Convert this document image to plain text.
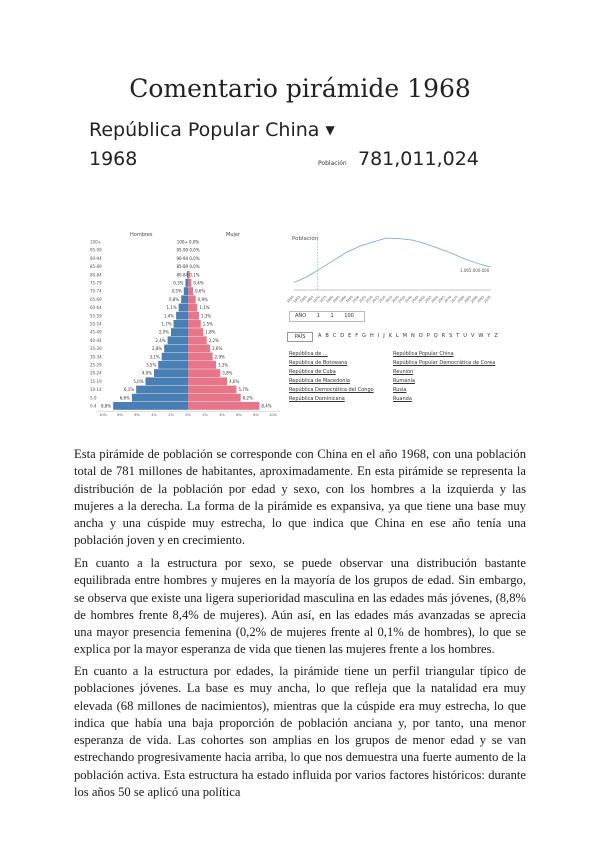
Comentario pirámide 1968
República Popular China ▼
1968	Población 781,011,024
Hombres	Mujer
100+	100+ 0,0%
95-99	95-99 0,0%
90-94	90-94 0,0%
85-89	85-89 0,0%
80-84	80-84 0,1%
75-79	0,3% 0,4%
70-74	0,5%	0,6%
65-69	0,8%	0,9%
60-64	1,1%	1,1%
55-59	1,4%	1,3%
50-54	1,7%	1,5%
45-49	2,0%	1,8%
40-44	2,4%	2,2%
35-39	2,8%	2,6%
30-34	3,1%	2,9%
25-29	3,5%	3,3%
20-24	4,0%	3,8%
15-19	5,0%	4,6%
10-14	6,1%	5,7%
5-9	6,6%	6,2%
0-4 8,8%	8,4%
10%	8%	6%	4%	2%	0%	2%	4%	6%	8%	10%
Población
1.065.000.000
1950
1955
1960
1965
1970
1975
1980
1985
1990
1995
2000
2005
2010
2015
2020
2025
2030
2035
2040
2045
2050
2055
2060
2065
2070
2075
2080
2085
2090
2095
2100
AÑO 1 1 100
PAÍS	A B C D E F G H I J K L M N O P Q R S T U V W Y Z
República de ...
República de Botswana
República de Cuba
República de Macedonia
República Democrática del Congo
República Dominicana
República Popular China
República Popular Democrática de Corea
Reunión
Rumanía
Rusia
Ruanda

Esta pirámide de población se corresponde con China en el año 1968, con una población total de 781 millones de habitantes, aproximadamente. En esta pirámide se representa la distribución de la población por edad y sexo, con los hombres a la izquierda y las mujeres a la derecha. La forma de la pirámide es expansiva, ya que tiene una base muy ancha y una cúspide muy estrecha, lo que indica que China en ese año tenía una población joven y en crecimiento.

En cuanto a la estructura por sexo, se puede observar una distribución bastante equilibrada entre hombres y mujeres en la mayoría de los grupos de edad. Sin embargo, se observa que existe una ligera superioridad masculina en las edades más jóvenes, (8,8% de hombres frente 8,4% de mujeres). Aún así, en las edades más avanzadas se aprecia una mayor presencia femenina (0,2% de mujeres frente al 0,1% de hombres), lo que se explica por la mayor esperanza de vida que tienen las mujeres frente a los hombres.

En cuanto a la estructura por edades, la pirámide tiene un perfil triangular típico de poblaciones jóvenes. La base es muy ancha, lo que refleja que la natalidad era muy elevada (68 millones de nacimientos), mientras que la cúspide era muy estrecha, lo que indica que había una baja proporción de población anciana y, por tanto, una menor esperanza de vida. Las cohortes son amplias en los grupos de menor edad y se van estrechando progresivamente hacia arriba, lo que nos demuestra una fuerte aumento de la población activa. Esta estructura ha estado influida por varios factores históricos: durante los años 50 se aplicó una política
